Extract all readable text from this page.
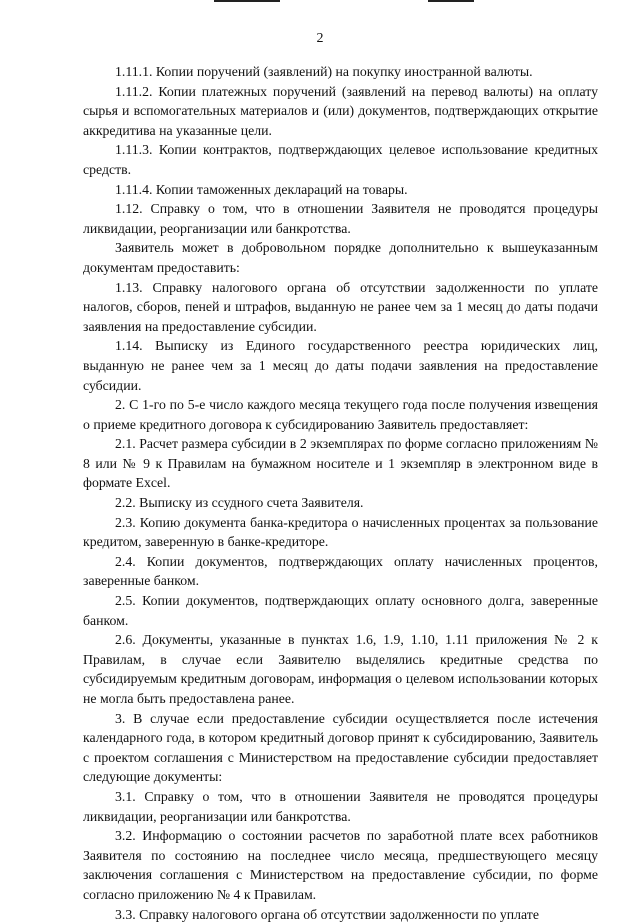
2

1.11.1. Копии поручений (заявлений) на покупку иностранной валюты.

1.11.2. Копии платежных поручений (заявлений на перевод валюты) на оплату сырья и вспомогательных материалов и (или) документов, подтверждающих открытие аккредитива на указанные цели.

1.11.3. Копии контрактов, подтверждающих целевое использование кредитных средств.

1.11.4. Копии таможенных деклараций на товары.

1.12. Справку о том, что в отношении Заявителя не проводятся процедуры ликвидации, реорганизации или банкротства.

Заявитель может в добровольном порядке дополнительно к вышеуказанным документам предоставить:

1.13. Справку налогового органа об отсутствии задолженности по уплате налогов, сборов, пеней и штрафов, выданную не ранее чем за 1 месяц до даты подачи заявления на предоставление субсидии.

1.14. Выписку из Единого государственного реестра юридических лиц, выданную не ранее чем за 1 месяц до даты подачи заявления на предоставление субсидии.

2. С 1-го по 5-е число каждого месяца текущего года после получения извещения о приеме кредитного договора к субсидированию Заявитель предоставляет:

2.1. Расчет размера субсидии в 2 экземплярах по форме согласно приложениям № 8 или № 9 к Правилам на бумажном носителе и 1 экземпляр в электронном виде в формате Excel.

2.2. Выписку из ссудного счета Заявителя.

2.3. Копию документа банка-кредитора о начисленных процентах за пользование кредитом, заверенную в банке-кредиторе.

2.4. Копии документов, подтверждающих оплату начисленных процентов, заверенные банком.

2.5. Копии документов, подтверждающих оплату основного долга, заверенные банком.

2.6. Документы, указанные в пунктах 1.6, 1.9, 1.10, 1.11 приложения № 2 к Правилам, в случае если Заявителю выделялись кредитные средства по субсидируемым кредитным договорам, информация о целевом использовании которых не могла быть предоставлена ранее.

3. В случае если предоставление субсидии осуществляется после истечения календарного года, в котором кредитный договор принят к субсидированию, Заявитель с проектом соглашения с Министерством на предоставление субсидии предоставляет следующие документы:

3.1. Справку о том, что в отношении Заявителя не проводятся процедуры ликвидации, реорганизации или банкротства.

3.2. Информацию о состоянии расчетов по заработной плате всех работников Заявителя по состоянию на последнее число месяца, предшествующего месяцу заключения соглашения с Министерством на предоставление субсидии, по форме согласно приложению № 4 к Правилам.

3.3. Справку налогового органа об отсутствии задолженности по уплате
